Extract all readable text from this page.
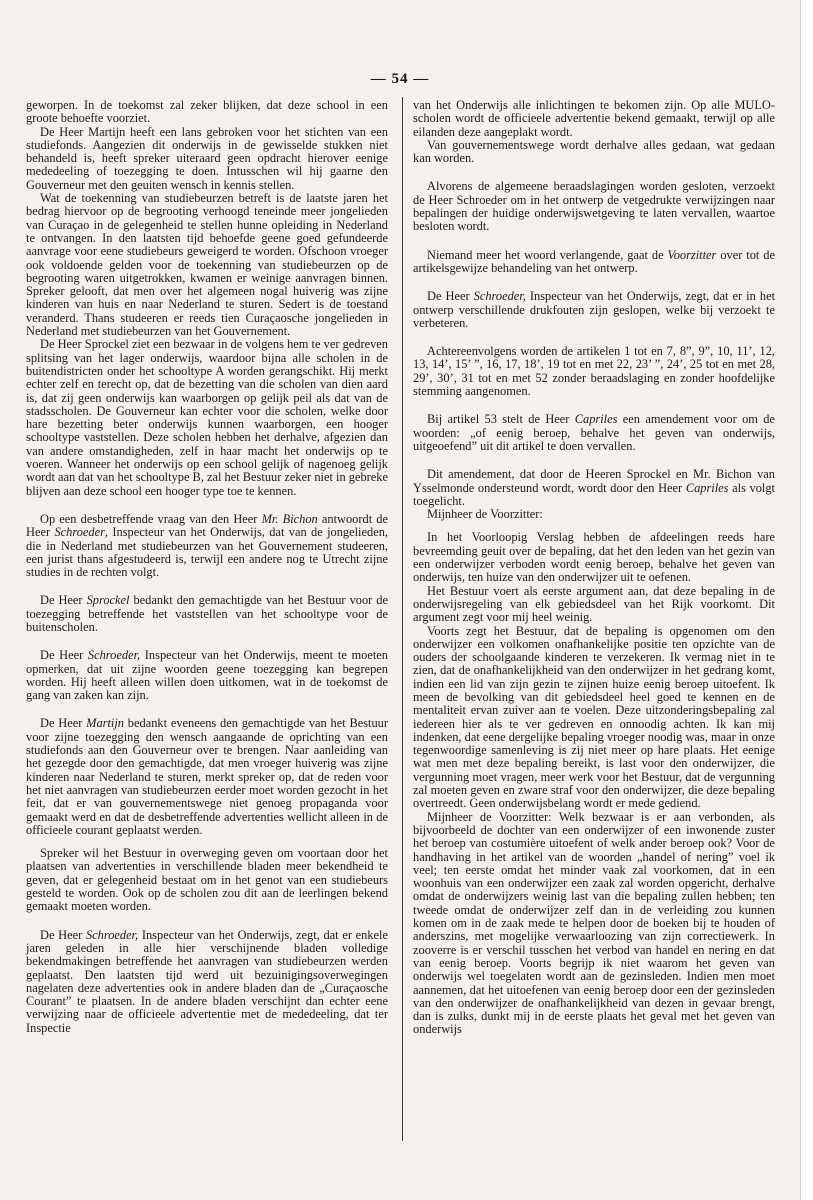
— 54 —

geworpen. In de toekomst zal zeker blijken, dat deze school in een groote behoefte voorziet.

De Heer Martijn heeft een lans gebroken voor het stichten van een studiefonds. Aangezien dit onderwijs in de gewisselde stukken niet behandeld is, heeft spreker uiteraard geen opdracht hierover eenige mededeeling of toezegging te doen. Intusschen wil hij gaarne den Gouverneur met den geuiten wensch in kennis stellen.

Wat de toekenning van studiebeurzen betreft is de laatste jaren het bedrag hiervoor op de begrooting verhoogd teneinde meer jongelieden van Curaçao in de gelegenheid te stellen hunne opleiding in Nederland te ontvangen. In den laatsten tijd behoefde geene goed gefundeerde aanvrage voor eene studiebeurs geweigerd te worden. Ofschoon vroeger ook voldoende gelden voor de toekenning van studiebeurzen op de begrooting waren uitgetrokken, kwamen er weinige aanvragen binnen. Spreker gelooft, dat men over het algemeen nogal huiverig was zijne kinderen van huis en naar Nederland te sturen. Sedert is de toestand veranderd. Thans studeeren er reeds tien Curaçaosche jongelieden in Nederland met studiebeurzen van het Gouvernement.

De Heer Sprockel ziet een bezwaar in de volgens hem te ver gedreven splitsing van het lager onderwijs, waardoor bijna alle scholen in de buitendistricten onder het schooltype A worden gerangschikt. Hij merkt echter zelf en terecht op, dat de bezetting van die scholen van dien aard is, dat zij geen onderwijs kan waarborgen op gelijk peil als dat van de stadsscholen. De Gouverneur kan echter voor die scholen, welke door hare bezetting beter onderwijs kunnen waarborgen, een hooger schooltype vaststellen. Deze scholen hebben het derhalve, afgezien dan van andere omstandigheden, zelf in haar macht het onderwijs op te voeren. Wanneer het onderwijs op een school gelijk of nagenoeg gelijk wordt aan dat van het schooltype B, zal het Bestuur zeker niet in gebreke blijven aan deze school een hooger type toe te kennen.

Op een desbetreffende vraag van den Heer Mr. Bichon antwoordt de Heer Schroeder, Inspecteur van het Onderwijs, dat van de jongelieden, die in Nederland met studiebeurzen van het Gouvernement studeeren, een jurist thans afgestudeerd is, terwijl een andere nog te Utrecht zijne studies in de rechten volgt.

De Heer Sprockel bedankt den gemachtigde van het Bestuur voor de toezegging betreffende het vaststellen van het schooltype voor de buitenscholen.

De Heer Schroeder, Inspecteur van het Onderwijs, meent te moeten opmerken, dat uit zijne woorden geene toezegging kan begrepen worden. Hij heeft alleen willen doen uitkomen, wat in de toekomst de gang van zaken kan zijn.

De Heer Martijn bedankt eveneens den gemachtigde van het Bestuur voor zijne toezegging den wensch aangaande de oprichting van een studiefonds aan den Gouverneur over te brengen. Naar aanleiding van het gezegde door den gemachtigde, dat men vroeger huiverig was zijne kinderen naar Nederland te sturen, merkt spreker op, dat de reden voor het niet aanvragen van studiebeurzen eerder moet worden gezocht in het feit, dat er van gouvernementswege niet genoeg propaganda voor gemaakt werd en dat de desbetreffende advertenties wellicht alleen in de officieele courant geplaatst werden.

Spreker wil het Bestuur in overweging geven om voortaan door het plaatsen van advertenties in verschillende bladen meer bekendheid te geven, dat er gelegenheid bestaat om in het genot van een studiebeurs gesteld te worden. Ook op de scholen zou dit aan de leerlingen bekend gemaakt moeten worden.

De Heer Schroeder, Inspecteur van het Onderwijs, zegt, dat er enkele jaren geleden in alle hier verschijnende bladen volledige bekendmakingen betreffende het aanvragen van studiebeurzen werden geplaatst. Den laatsten tijd werd uit bezuinigingsoverwegingen nagelaten deze advertenties ook in andere bladen dan de „Curaçaosche Courant” te plaatsen. In de andere bladen verschijnt dan echter eene verwijzing naar de officieele advertentie met de mededeeling, dat ter Inspectie

van het Onderwijs alle inlichtingen te bekomen zijn. Op alle MULO-scholen wordt de officieele advertentie bekend gemaakt, terwijl op alle eilanden deze aangeplakt wordt.

Van gouvernementswege wordt derhalve alles gedaan, wat gedaan kan worden.

Alvorens de algemeene beraadslagingen worden gesloten, verzoekt de Heer Schroeder om in het ontwerp de vetgedrukte verwijzingen naar bepalingen der huidige onderwijswetgeving te laten vervallen, waartoe besloten wordt.

Niemand meer het woord verlangende, gaat de Voorzitter over tot de artikelsgewijze behandeling van het ontwerp.

De Heer Schroeder, Inspecteur van het Onderwijs, zegt, dat er in het ontwerp verschillende drukfouten zijn geslopen, welke bij verzoekt te verbeteren.

Achtereenvolgens worden de artikelen 1 tot en 7, 8”, 9”, 10, 11’, 12, 13, 14’, 15’ ”, 16, 17, 18’, 19 tot en met 22, 23’ ”, 24’, 25 tot en met 28, 29’, 30’, 31 tot en met 52 zonder beraadslaging en zonder hoofdelijke stemming aangenomen.

Bij artikel 53 stelt de Heer Capriles een amendement voor om de woorden: „of eenig beroep, behalve het geven van onderwijs, uitgeoefend” uit dit artikel te doen vervallen.

Dit amendement, dat door de Heeren Sprockel en Mr. Bichon van Ysselmonde ondersteund wordt, wordt door den Heer Capriles als volgt toegelicht.

Mijnheer de Voorzitter:

In het Voorloopig Verslag hebben de afdeelingen reeds hare bevreemding geuit over de bepaling, dat het den leden van het gezin van een onderwijzer verboden wordt eenig beroep, behalve het geven van onderwijs, ten huize van den onderwijzer uit te oefenen.

Het Bestuur voert als eerste argument aan, dat deze bepaling in de onderwijsregeling van elk gebiedsdeel van het Rijk voorkomt. Dit argument zegt voor mij heel weinig.

Voorts zegt het Bestuur, dat de bepaling is opgenomen om den onderwijzer een volkomen onafhankelijke positie ten opzichte van de ouders der schoolgaande kinderen te verzekeren. Ik vermag niet in te zien, dat de onafhankelijkheid van den onderwijzer in het gedrang komt, indien een lid van zijn gezin te zijnen huize eenig beroep uitoefent. Ik meen de bevolking van dit gebiedsdeel heel goed te kennen en de mentaliteit ervan zuiver aan te voelen. Deze uitzonderingsbepaling zal iedereen hier als te ver gedreven en onnoodig achten. Ik kan mij indenken, dat eene dergelijke bepaling vroeger noodig was, maar in onze tegenwoordige samenleving is zij niet meer op hare plaats. Het eenige wat men met deze bepaling bereikt, is last voor den onderwijzer, die vergunning moet vragen, meer werk voor het Bestuur, dat de vergunning zal moeten geven en zware straf voor den onderwijzer, die deze bepaling overtreedt. Geen onderwijsbelang wordt er mede gediend.

Mijnheer de Voorzitter: Welk bezwaar is er aan verbonden, als bijvoorbeeld de dochter van een onderwijzer of een inwonende zuster het beroep van costumière uitoefent of welk ander beroep ook? Voor de handhaving in het artikel van de woorden „handel of nering” voel ik veel; ten eerste omdat het minder vaak zal voorkomen, dat in een woonhuis van een onderwijzer een zaak zal worden opgericht, derhalve omdat de onderwijzers weinig last van die bepaling zullen hebben; ten tweede omdat de onderwijzer zelf dan in de verleiding zou kunnen komen om in de zaak mede te helpen door de boeken bij te houden of anderszins, met mogelijke verwaarloozing van zijn correctiewerk. In zooverre is er verschil tusschen het verbod van handel en nering en dat van eenig beroep. Voorts begrijp ik niet waarom het geven van onderwijs wel toegelaten wordt aan de gezinsleden. Indien men moet aannemen, dat het uitoefenen van eenig beroep door een der gezinsleden van den onderwijzer de onafhankelijkheid van dezen in gevaar brengt, dan is zulks, dunkt mij in de eerste plaats het geval met het geven van onderwijs
